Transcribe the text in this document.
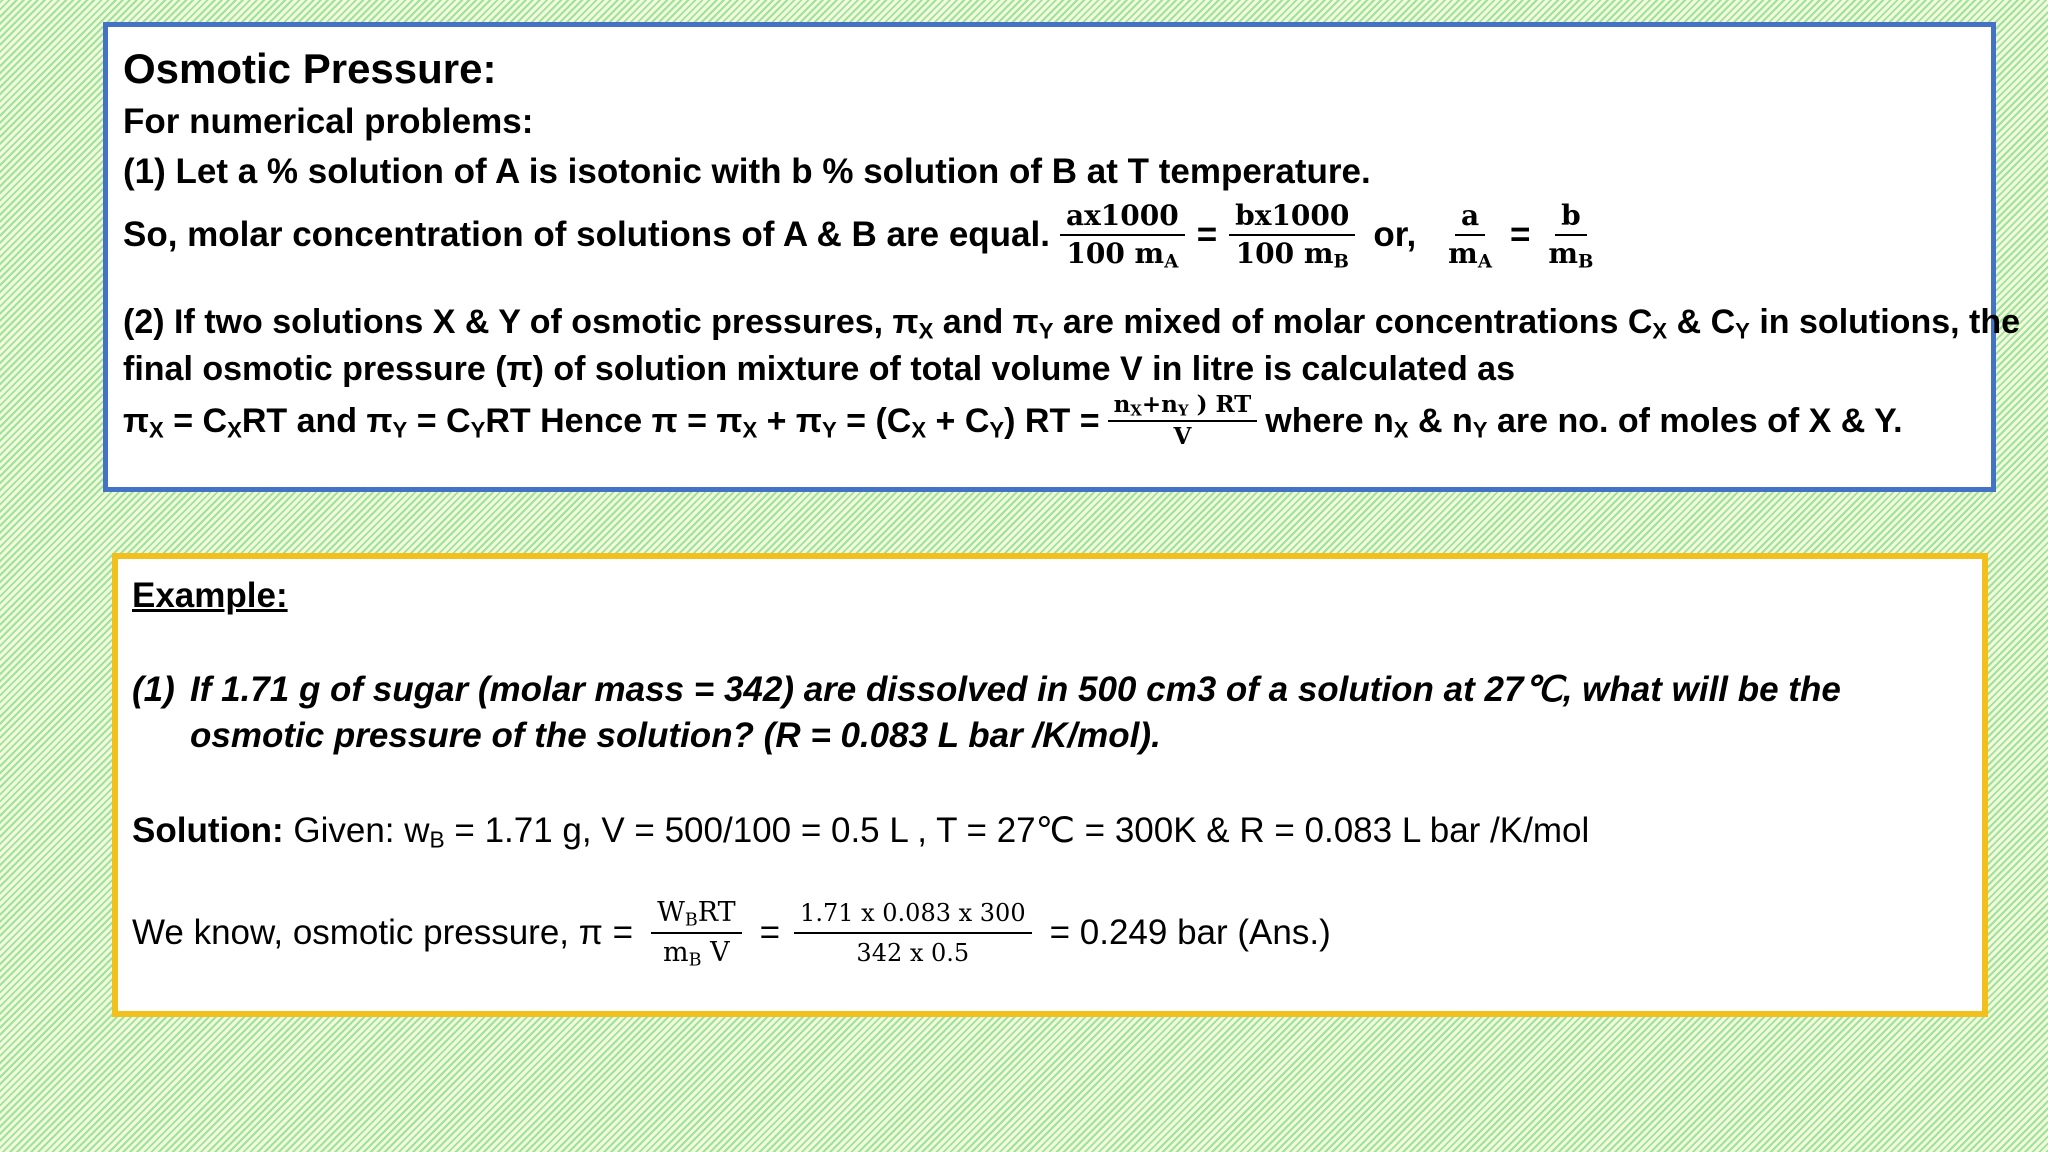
Osmotic Pressure:
For numerical problems:
(1) Let a % solution of A is isotonic with b % solution of B at T temperature.
So, molar concentration of solutions of A & B are equal. $\frac{ax1000}{100 m_A} = \frac{bx1000}{100 m_B}$ or, $\frac{a}{m_A} = \frac{b}{m_B}$
(2) If two solutions X & Y of osmotic pressures, $\pi_X$ and $\pi_Y$ are mixed of molar concentrations $C_X$ & $C_Y$ in solutions, the
final osmotic pressure (π) of solution mixture of total volume V in litre is calculated as
$\pi_X = C_XRT$ and $\pi_Y = C_YRT$ Hence $\pi = \pi_X + \pi_Y = (C_X + C_Y)$ RT = $\frac{n_X+n_Y ) RT}{V}$ where $n_X$ & $n_Y$ are no. of moles of X & Y.
Example:
(1) If 1.71 g of sugar (molar mass = 342) are dissolved in 500 cm3 of a solution at 27℃, what will be the osmotic pressure of the solution? (R = 0.083 L bar /K/mol).
Solution: Given: $w_B = 1.71$ g, V = 500/100 = 0.5 L , T = 27℃ = 300K & R = 0.083 L bar /K/mol
We know, osmotic pressure, $\pi = \frac{W_BRT}{m_B V} = \frac{1.71 x 0.083 x 300}{342 x 0.5} = 0.249$ bar (Ans.)
